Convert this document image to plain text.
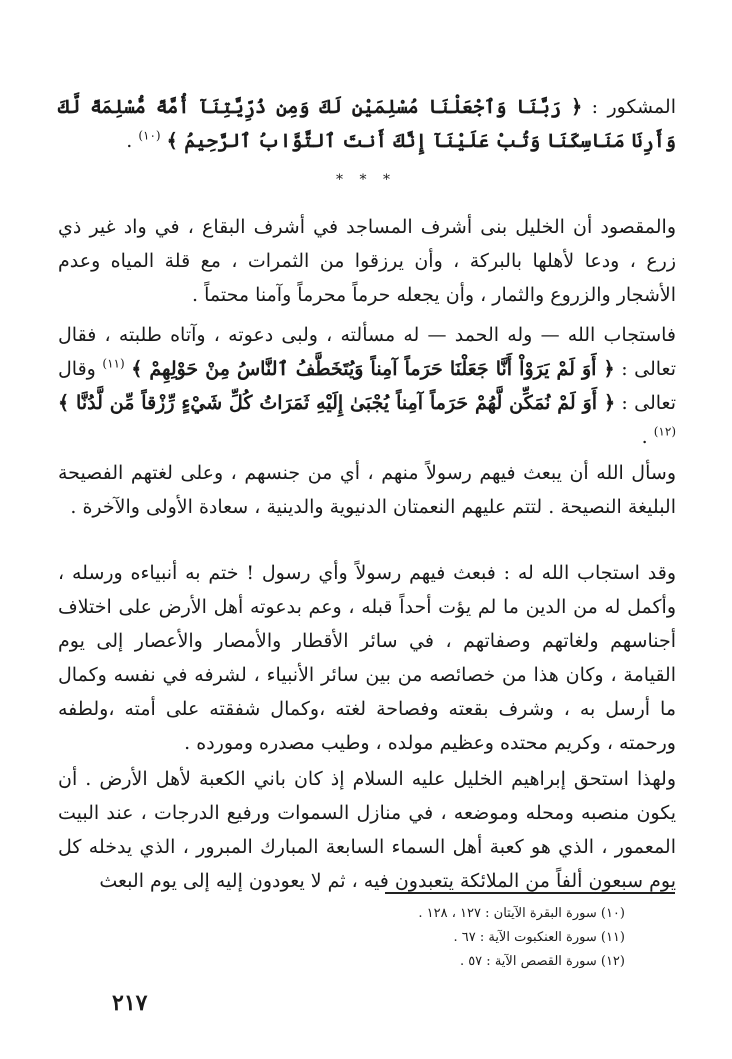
المشكور : ﴿ رَبَّنَا وَٱجْعَلْنَا مُسْلِمَيْنِ لَكَ وَمِن ذُرِّيَّتِنَآ أُمَّةً مُّسْلِمَةً لَّكَ وَأَرِنَا مَنَاسِكَنَا وَتُبْ عَلَيْنَآ إِنَّكَ أَنتَ ٱلتَّوَّابُ ٱلرَّحِيمُ ﴾ $^{(١٠)}$ .

* * *

والمقصود أن الخليل بنى أشرف المساجد في أشرف البقاع ، في واد غير ذي زرع ، ودعا لأهلها بالبركة ، وأن يرزقوا من الثمرات ، مع قلة المياه وعدم الأشجار والزروع والثمار ، وأن يجعله حرماً محرماً وآمنا محتماً .

فاستجاب الله — وله الحمد — له مسألته ، ولبى دعوته ، وآتاه طلبته ، فقال تعالى : ﴿ أَوَ لَمْ يَرَوْاْ أَنَّا جَعَلْنَا حَرَماً آمِناً وَيُتَخَطَّفُ ٱلنَّاسُ مِنْ حَوْلِهِمْ ﴾ $^{(١١)}$ وقال تعالى : ﴿ أَوَ لَمْ نُمَكِّن لَّهُمْ حَرَماً آمِناً يُجْبَىٰ إِلَيْهِ ثَمَرَاتُ كُلِّ شَيْءٍ رِّزْقاً مِّن لَّدُنَّا ﴾ $^{(١٢)}$ .

وسأل الله أن يبعث فيهم رسولاً منهم ، أي من جنسهم ، وعلى لغتهم الفصيحة البليغة النصيحة . لتتم عليهم النعمتان الدنيوية والدينية ، سعادة الأولى والآخرة .

وقد استجاب الله له : فبعث فيهم رسولاً وأي رسول ! ختم به أنبياءه ورسله ، وأكمل له من الدين ما لم يؤت أحداً قبله ، وعم بدعوته أهل الأرض على اختلاف أجناسهم ولغاتهم وصفاتهم ، في سائر الأقطار والأمصار والأعصار إلى يوم القيامة ، وكان هذا من خصائصه من بين سائر الأنبياء ، لشرفه في نفسه وكمال ما أرسل به ، وشرف بقعته وفصاحة لغته ،وكمال شفقته على أمته ،ولطفه ورحمته ، وكريم محتده وعظيم مولده ، وطيب مصدره ومورده .

ولهذا استحق إبراهيم الخليل عليه السلام إذ كان باني الكعبة لأهل الأرض . أن يكون منصبه ومحله وموضعه ، في منازل السموات ورفيع الدرجات ، عند البيت المعمور ، الذي هو كعبة أهل السماء السابعة المبارك المبرور ، الذي يدخله كل يوم سبعون ألفاً من الملائكة يتعبدون فيه ، ثم لا يعودون إليه إلى يوم البعث

(١٠) سورة البقرة الآيتان : ١٢٧ ، ١٢٨ .
(١١) سورة العنكبوت الآية : ٦٧ .
(١٢) سورة القصص الآية : ٥٧ .
٢١٧
